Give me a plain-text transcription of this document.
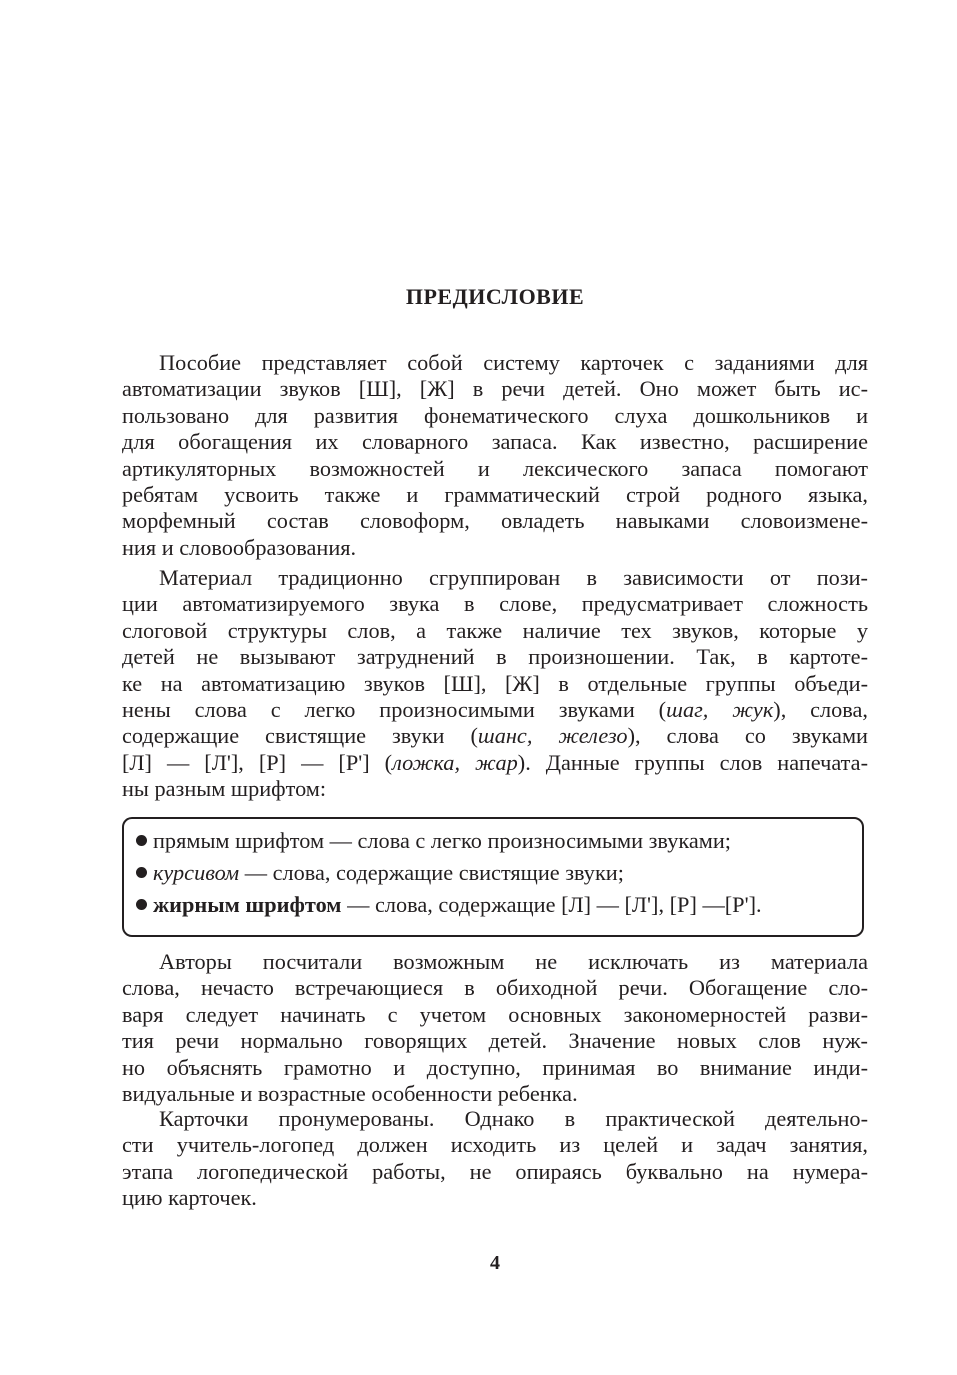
ПРЕДИСЛОВИЕ
Пособие представляет собой систему карточек с заданиями для
автоматизации звуков [Ш], [Ж] в речи детей. Оно может быть ис-
пользовано для развития фонематического слуха дошкольников и
для обогащения их словарного запаса. Как известно, расширение
артикуляторных возможностей и лексического запаса помогают
ребятам усвоить также и грамматический строй родного языка,
морфемный состав словоформ, овладеть навыками словоизмене-
ния и словообразования.
Материал традиционно сгруппирован в зависимости от пози-
ции автоматизируемого звука в слове, предусматривает сложность
слоговой структуры слов, а также наличие тех звуков, которые у
детей не вызывают затруднений в произношении. Так, в картоте-
ке на автоматизацию звуков [Ш], [Ж] в отдельные группы объеди-
нены слова с легко произносимыми звуками (шаг, жук), слова,
содержащие свистящие звуки (шанс, железо), слова со звуками
[Л] — [Л'], [Р] — [Р'] (ложка, жар). Данные группы слов напечата-
ны разным шрифтом:
прямым шрифтом — слова с легко произносимыми звуками;
курсивом — слова, содержащие свистящие звуки;
жирным шрифтом — слова, содержащие [Л] — [Л'], [Р] —[Р'].
Авторы посчитали возможным не исключать из материала
слова, нечасто встречающиеся в обиходной речи. Обогащение сло-
варя следует начинать с учетом основных закономерностей разви-
тия речи нормально говорящих детей. Значение новых слов нуж-
но объяснять грамотно и доступно, принимая во внимание инди-
видуальные и возрастные особенности ребенка.
Карточки пронумерованы. Однако в практической деятельно-
сти учитель-логопед должен исходить из целей и задач занятия,
этапа логопедической работы, не опираясь буквально на нумера-
цию карточек.
4
